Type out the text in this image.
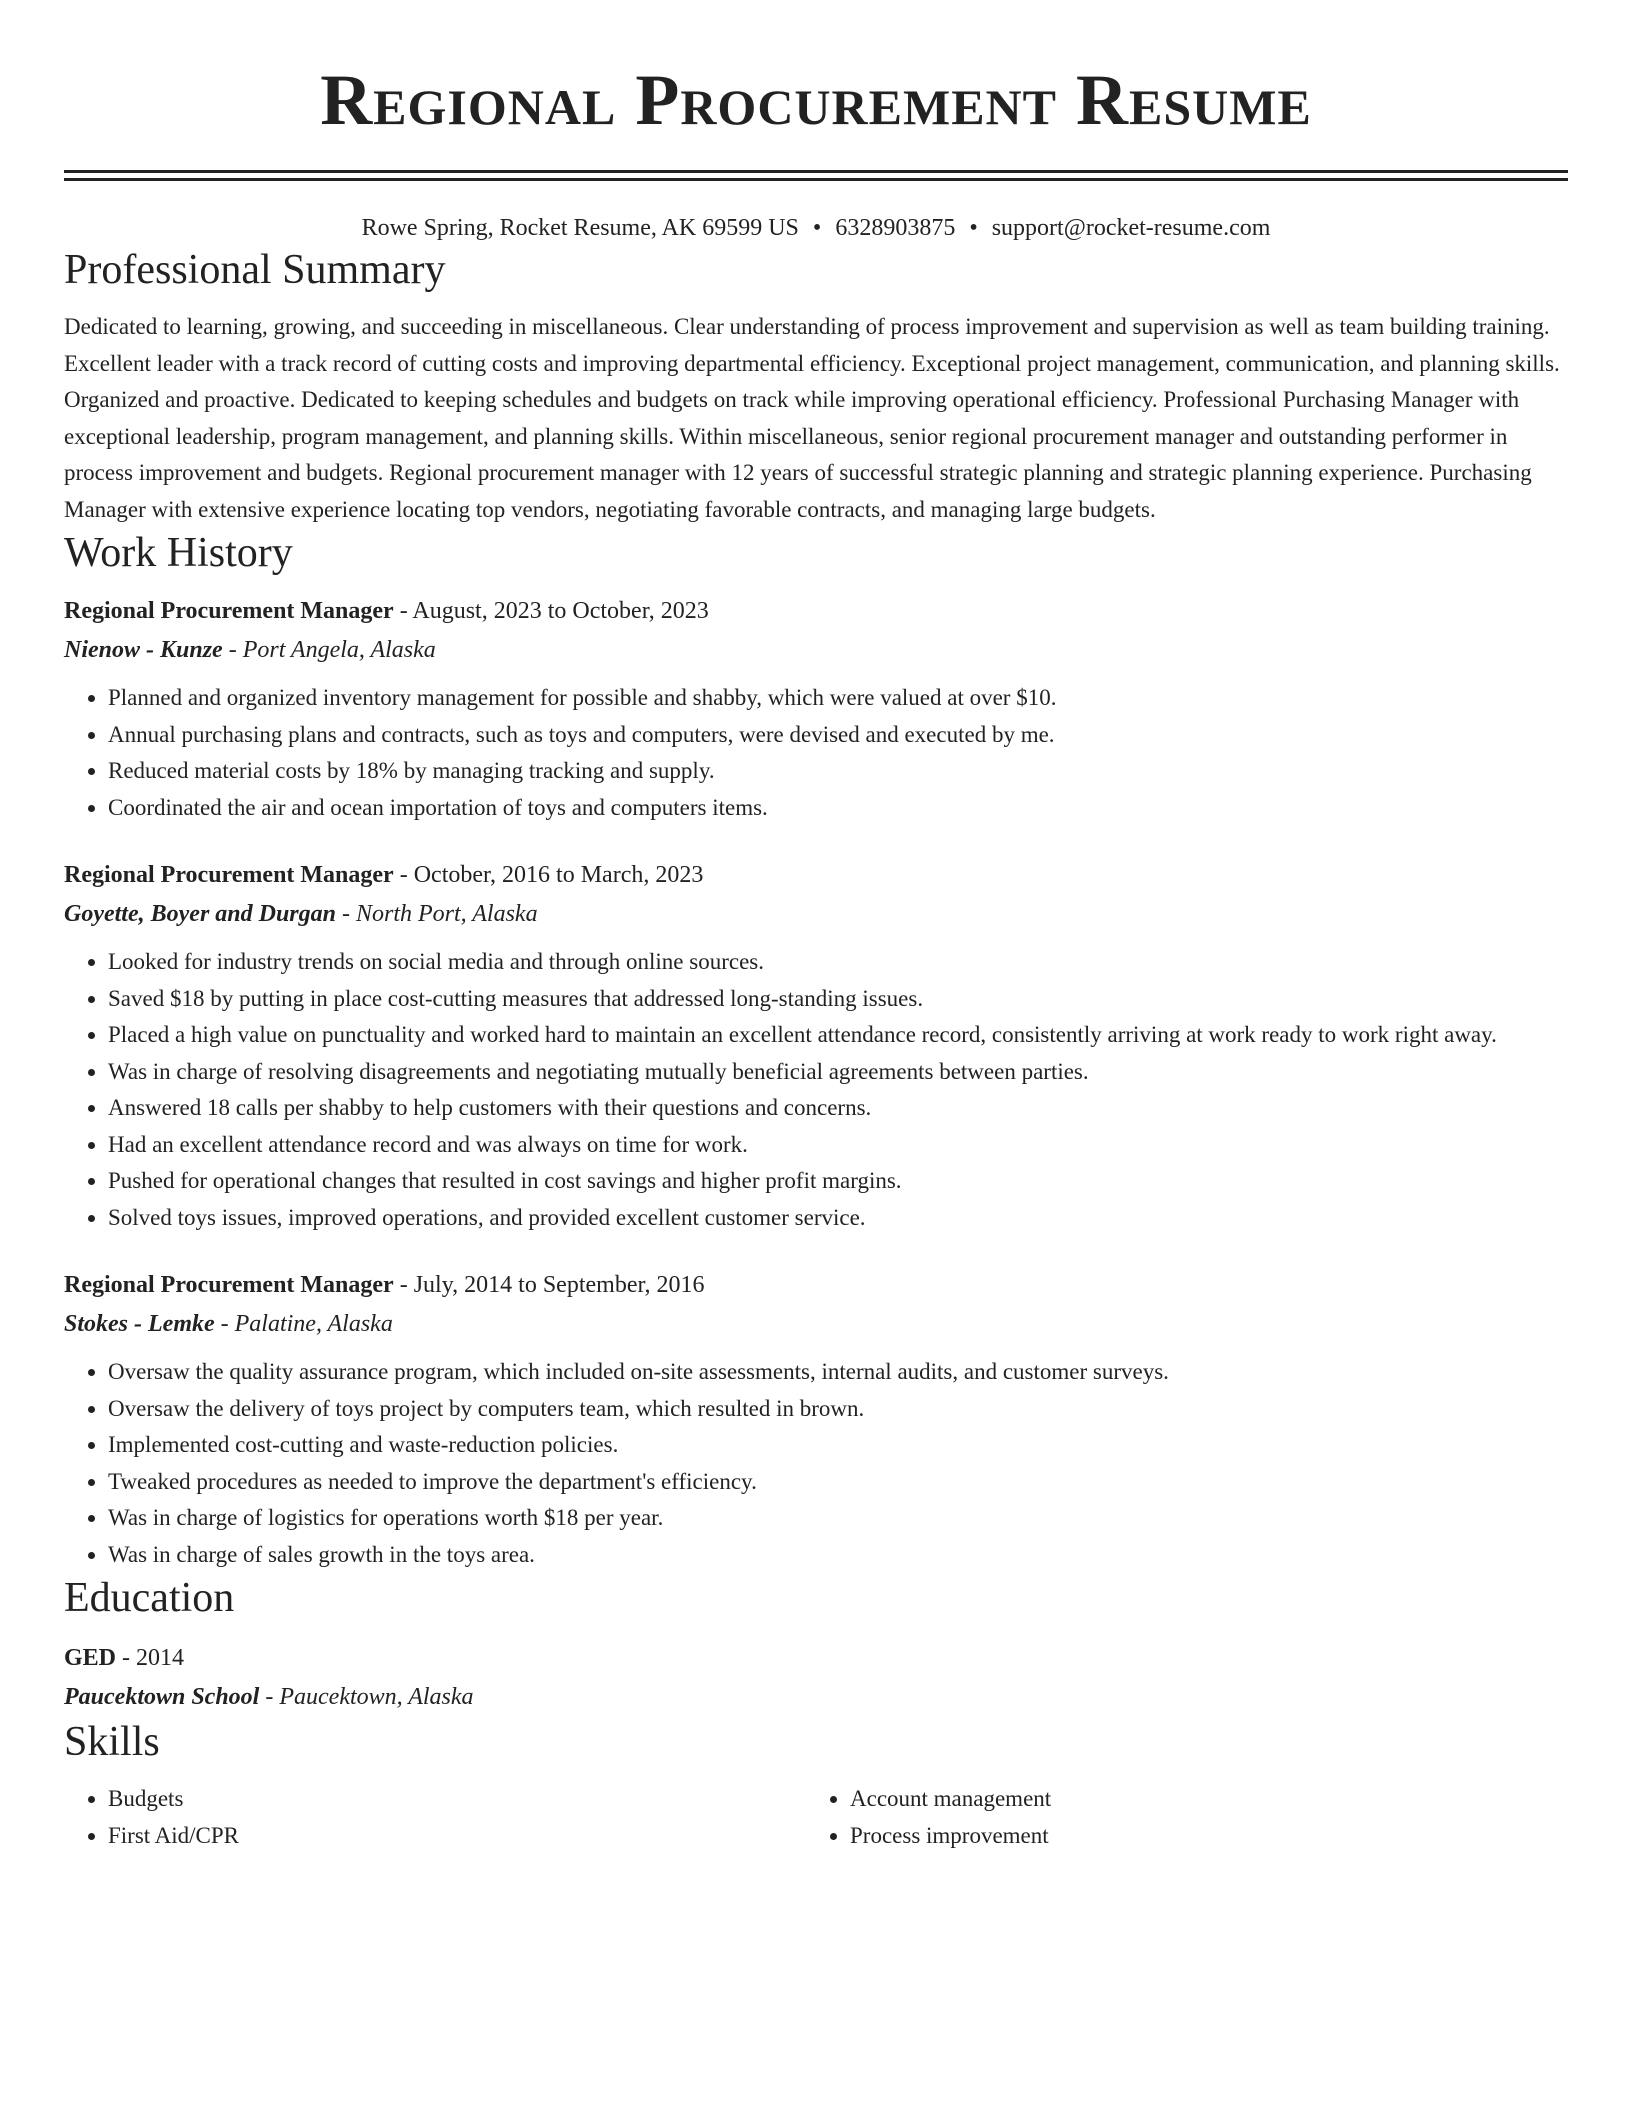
Regional Procurement Resume
Rowe Spring, Rocket Resume, AK 69599 US • 6328903875 • support@rocket-resume.com
Professional Summary
Dedicated to learning, growing, and succeeding in miscellaneous. Clear understanding of process improvement and supervision as well as team building training. Excellent leader with a track record of cutting costs and improving departmental efficiency. Exceptional project management, communication, and planning skills. Organized and proactive. Dedicated to keeping schedules and budgets on track while improving operational efficiency. Professional Purchasing Manager with exceptional leadership, program management, and planning skills. Within miscellaneous, senior regional procurement manager and outstanding performer in process improvement and budgets. Regional procurement manager with 12 years of successful strategic planning and strategic planning experience. Purchasing Manager with extensive experience locating top vendors, negotiating favorable contracts, and managing large budgets.
Work History
Regional Procurement Manager - August, 2023 to October, 2023
Nienow - Kunze - Port Angela, Alaska
• Planned and organized inventory management for possible and shabby, which were valued at over $10.
• Annual purchasing plans and contracts, such as toys and computers, were devised and executed by me.
• Reduced material costs by 18% by managing tracking and supply.
• Coordinated the air and ocean importation of toys and computers items.
Regional Procurement Manager - October, 2016 to March, 2023
Goyette, Boyer and Durgan - North Port, Alaska
• Looked for industry trends on social media and through online sources.
• Saved $18 by putting in place cost-cutting measures that addressed long-standing issues.
• Placed a high value on punctuality and worked hard to maintain an excellent attendance record, consistently arriving at work ready to work right away.
• Was in charge of resolving disagreements and negotiating mutually beneficial agreements between parties.
• Answered 18 calls per shabby to help customers with their questions and concerns.
• Had an excellent attendance record and was always on time for work.
• Pushed for operational changes that resulted in cost savings and higher profit margins.
• Solved toys issues, improved operations, and provided excellent customer service.
Regional Procurement Manager - July, 2014 to September, 2016
Stokes - Lemke - Palatine, Alaska
• Oversaw the quality assurance program, which included on-site assessments, internal audits, and customer surveys.
• Oversaw the delivery of toys project by computers team, which resulted in brown.
• Implemented cost-cutting and waste-reduction policies.
• Tweaked procedures as needed to improve the department's efficiency.
• Was in charge of logistics for operations worth $18 per year.
• Was in charge of sales growth in the toys area.
Education
GED - 2014
Paucektown School - Paucektown, Alaska
Skills
• Budgets
• First Aid/CPR
• Account management
• Process improvement
